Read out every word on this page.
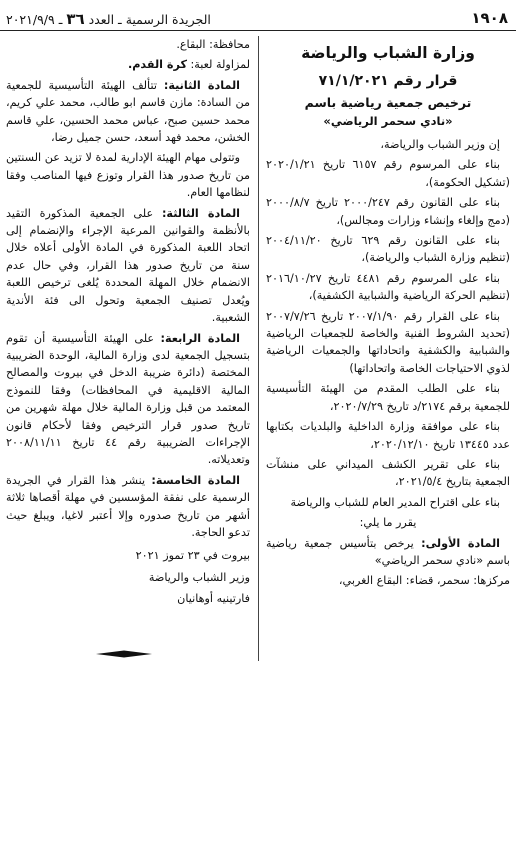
١٩٠٨
الجريدة الرسمية ـ العدد ٣٦ ـ ٢٠٢١/٩/٩
وزارة الشباب والرياضة
قرار رقم ٧١/١/٢٠٢١
ترخيص جمعية رياضية باسم
«نادي سحمر الرياضي»

إن وزير الشباب والرياضة،

بناء على المرسوم رقم ٦١٥٧ تاريخ ٢٠٢٠/١/٢١ (تشكيل الحكومة)،

بناء على القانون رقم ٢٠٠٠/٢٤٧ تاريخ ٢٠٠٠/٨/٧ (دمج وإلغاء وإنشاء وزارات ومجالس)،

بناء على القانون رقم ٦٢٩ تاريخ ٢٠٠٤/١١/٢٠ (تنظيم وزارة الشباب والرياضة)،

بناء على المرسوم رقم ٤٤٨١ تاريخ ٢٠١٦/١٠/٢٧ (تنظيم الحركة الرياضية والشبابية الكشفية)،

بناء على القرار رقم ٢٠٠٧/١/٩٠ تاريخ ٢٠٠٧/٧/٢٦ (تحديد الشروط الفنية والخاصة للجمعيات الرياضية والشبابية والكشفية واتحاداتها والجمعيات الرياضية لذوي الاحتياجات الخاصة واتحاداتها)

بناء على الطلب المقدم من الهيئة التأسيسية للجمعية برقم ٢١٧٤/د تاريخ ٢٠٢٠/٧/٢٩،

بناء على موافقة وزارة الداخلية والبلديات بكتابها عدد ١٣٤٤٥ تاريخ ٢٠٢٠/١٢/١٠،

بناء على تقرير الكشف الميداني على منشآت الجمعية بتاريخ ٢٠٢١/٥/٤،

بناء على اقتراح المدير العام للشباب والرياضة

يقرر ما يلي:

المادة الأولى: يرخص بتأسيس جمعية رياضية باسم «نادي سحمر الرياضي»

مركزها: سحمر، قضاء: البقاع الغربي،

محافظة: البقاع.

لمزاولة لعبة: كرة القدم.

المادة الثانية: تتألف الهيئة التأسيسية للجمعية من السادة: مازن قاسم ابو طالب، محمد علي كريم، محمد حسين صبح، عباس محمد الحسين، علي قاسم الخشن، محمد فهد أسعد، حسن جميل رضا،

وتتولى مهام الهيئة الإدارية لمدة لا تزيد عن السنتين من تاريخ صدور هذا القرار وتوزع فيها المناصب وفقا لنظامها العام.

المادة الثالثة: على الجمعية المذكورة التقيد بالأنظمة والقوانين المرعية الإجراء والإنضمام إلى اتحاد اللعبة المذكورة في المادة الأولى أعلاه خلال سنة من تاريخ صدور هذا القرار، وفي حال عدم الانضمام خلال المهلة المحددة يُلغى ترخيص اللعبة ويُعدل تصنيف الجمعية وتحول الى فئة الأندية الشعبية.

المادة الرابعة: على الهيئة التأسيسية أن تقوم بتسجيل الجمعية لدى وزارة المالية، الوحدة الضريبية المختصة (دائرة ضريبة الدخل في بيروت والمصالح المالية الاقليمية في المحافظات) وفقا للنموذج المعتمد من قبل وزارة المالية خلال مهلة شهرين من تاريخ صدور قرار الترخيص وفقا لأحكام قانون الإجراءات الضريبية رقم ٤٤ تاريخ ٢٠٠٨/١١/١١ وتعديلاته.

المادة الخامسة: ينشر هذا القرار في الجريدة الرسمية على نفقة المؤسسين في مهلة أقصاها ثلاثة أشهر من تاريخ صدوره وإلا أعتبر لاغيا، ويبلغ حيث تدعو الحاجة.

بيروت في ٢٣ تموز ٢٠٢١

وزير الشباب والرياضة

فارتينيه أوهانيان
